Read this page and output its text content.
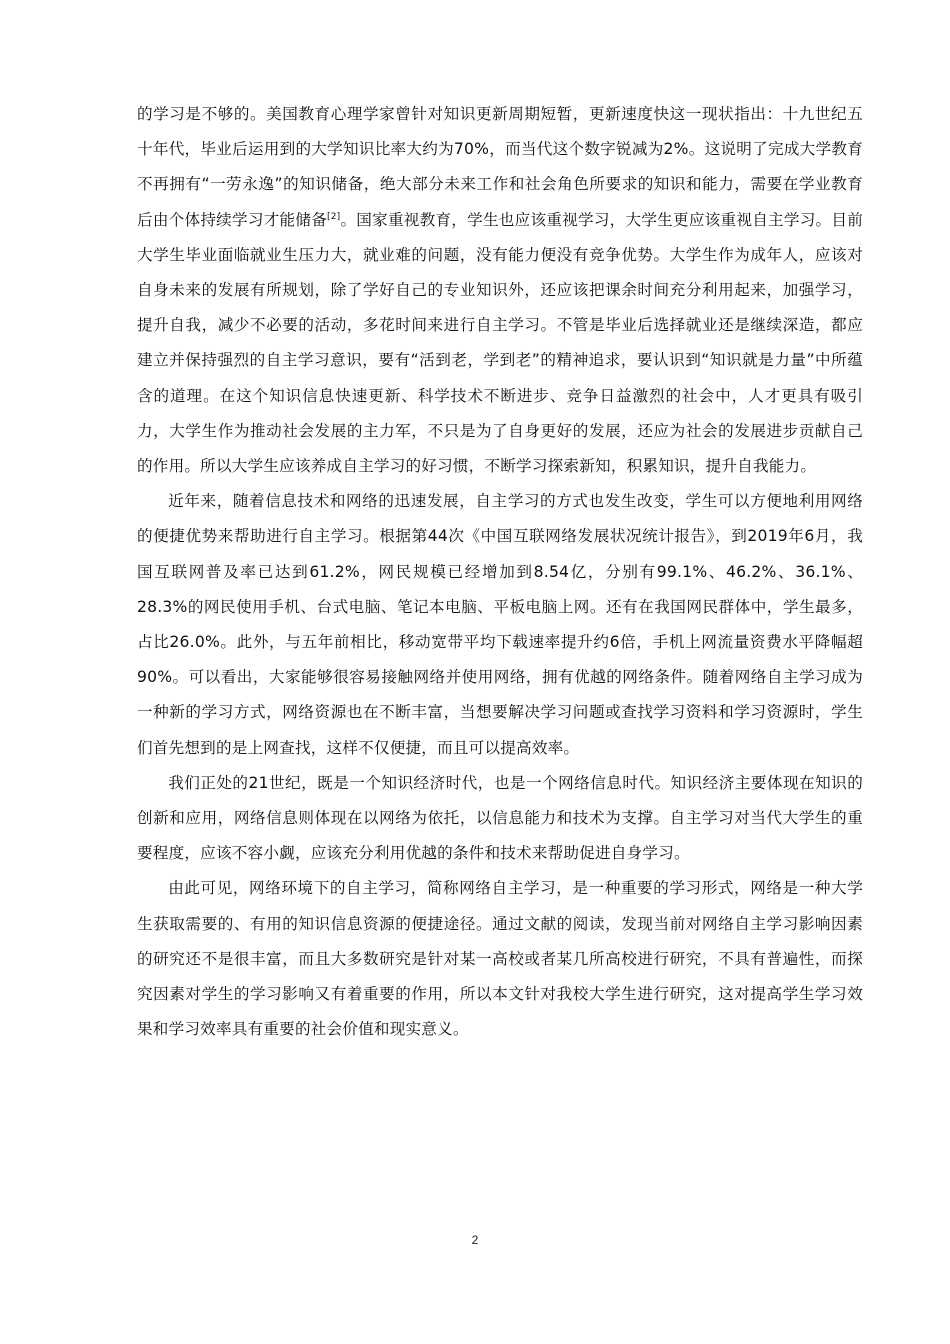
的学习是不够的。美国教育心理学家曾针对知识更新周期短暂，更新速度快这一现状指出：十九世纪五十年代，毕业后运用到的大学知识比率大约为70%，而当代这个数字锐减为2%。这说明了完成大学教育不再拥有“一劳永逸”的知识储备，绝大部分未来工作和社会角色所要求的知识和能力，需要在学业教育后由个体持续学习才能储备[2]。国家重视教育，学生也应该重视学习，大学生更应该重视自主学习。目前大学生毕业面临就业生压力大，就业难的问题，没有能力便没有竞争优势。大学生作为成年人，应该对自身未来的发展有所规划，除了学好自己的专业知识外，还应该把课余时间充分利用起来，加强学习，提升自我，减少不必要的活动，多花时间来进行自主学习。不管是毕业后选择就业还是继续深造，都应建立并保持强烈的自主学习意识，要有“活到老，学到老”的精神追求，要认识到“知识就是力量”中所蕴含的道理。在这个知识信息快速更新、科学技术不断进步、竞争日益激烈的社会中，人才更具有吸引力，大学生作为推动社会发展的主力军，不只是为了自身更好的发展，还应为社会的发展进步贡献自己的作用。所以大学生应该养成自主学习的好习惯，不断学习探索新知，积累知识，提升自我能力。

近年来，随着信息技术和网络的迅速发展，自主学习的方式也发生改变，学生可以方便地利用网络的便捷优势来帮助进行自主学习。根据第44次《中国互联网络发展状况统计报告》，到2019年6月，我国互联网普及率已达到61.2%，网民规模已经增加到8.54亿，分别有99.1%、46.2%、36.1%、28.3%的网民使用手机、台式电脑、笔记本电脑、平板电脑上网。还有在我国网民群体中，学生最多，占比26.0%。此外，与五年前相比，移动宽带平均下载速率提升约6倍，手机上网流量资费水平降幅超90%。可以看出，大家能够很容易接触网络并使用网络，拥有优越的网络条件。随着网络自主学习成为一种新的学习方式，网络资源也在不断丰富，当想要解决学习问题或查找学习资料和学习资源时，学生们首先想到的是上网查找，这样不仅便捷，而且可以提高效率。

我们正处的21世纪，既是一个知识经济时代，也是一个网络信息时代。知识经济主要体现在知识的创新和应用，网络信息则体现在以网络为依托，以信息能力和技术为支撑。自主学习对当代大学生的重要程度，应该不容小觑，应该充分利用优越的条件和技术来帮助促进自身学习。

由此可见，网络环境下的自主学习，简称网络自主学习，是一种重要的学习形式，网络是一种大学生获取需要的、有用的知识信息资源的便捷途径。通过文献的阅读，发现当前对网络自主学习影响因素的研究还不是很丰富，而且大多数研究是针对某一高校或者某几所高校进行研究，不具有普遍性，而探究因素对学生的学习影响又有着重要的作用，所以本文针对我校大学生进行研究，这对提高学生学习效果和学习效率具有重要的社会价值和现实意义。

2
